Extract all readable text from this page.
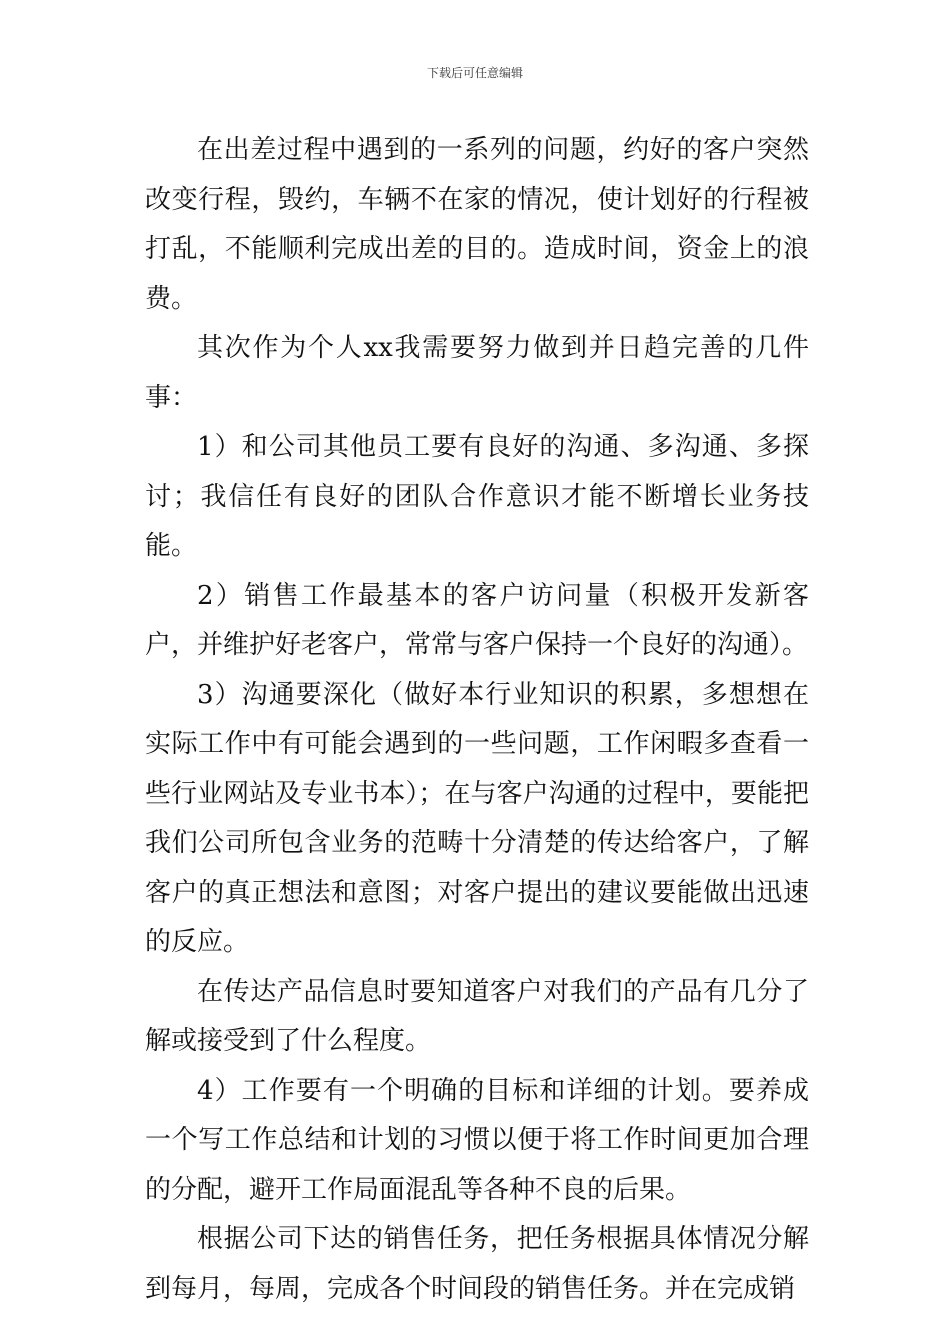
下载后可任意编辑

在出差过程中遇到的一系列的问题，约好的客户突然改变行程，毁约，车辆不在家的情况，使计划好的行程被打乱，不能顺利完成出差的目的。造成时间，资金上的浪费。

其次作为个人xx我需要努力做到并日趋完善的几件事：

1）和公司其他员工要有良好的沟通、多沟通、多探讨；我信任有良好的团队合作意识才能不断增长业务技能。

2）销售工作最基本的客户访问量（积极开发新客户，并维护好老客户，常常与客户保持一个良好的沟通）。

3）沟通要深化（做好本行业知识的积累，多想想在实际工作中有可能会遇到的一些问题，工作闲暇多查看一些行业网站及专业书本）；在与客户沟通的过程中，要能把我们公司所包含业务的范畴十分清楚的传达给客户，了解客户的真正想法和意图；对客户提出的建议要能做出迅速的反应。

在传达产品信息时要知道客户对我们的产品有几分了解或接受到了什么程度。

4）工作要有一个明确的目标和详细的计划。要养成一个写工作总结和计划的习惯以便于将工作时间更加合理的分配，避开工作局面混乱等各种不良的后果。

根据公司下达的销售任务，把任务根据具体情况分解到每月，每周，完成各个时间段的销售任务。并在完成销
